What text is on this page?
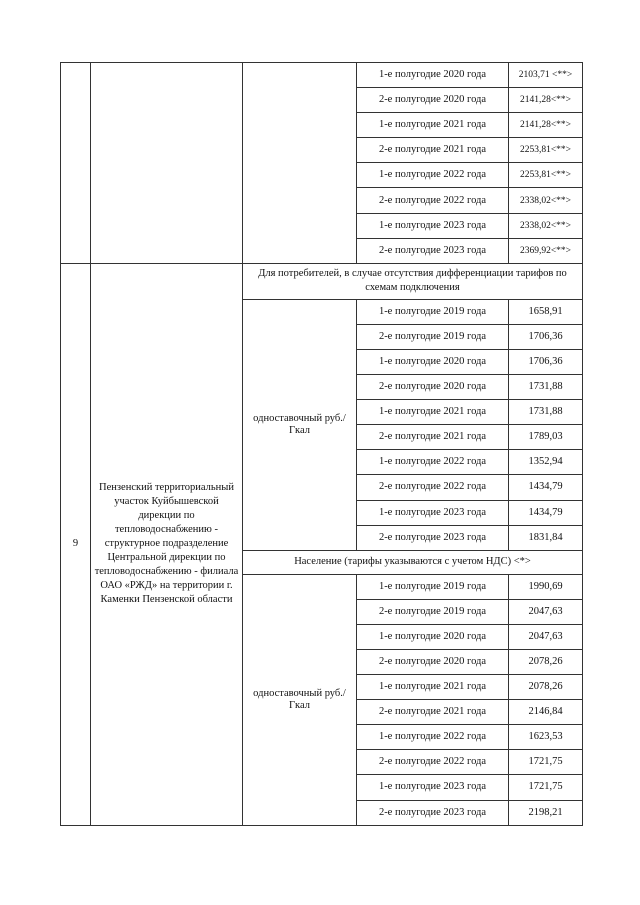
			1-е полугодие 2020 года	2103,71 <**>
			2-е полугодие 2020 года	2141,28<**>
			1-е полугодие 2021 года	2141,28<**>
			2-е полугодие 2021 года	2253,81<**>
			1-е полугодие 2022 года	2253,81<**>
			2-е полугодие 2022 года	2338,02<**>
			1-е полугодие 2023 года	2338,02<**>
			2-е полугодие 2023 года	2369,92<**>
9	Пензенский территориальный участок Куйбышевской дирекции по тепловодоснабжению - структурное подразделение Центральной дирекции по тепловодоснабжению - филиала ОАО «РЖД» на территории г. Каменки Пензенской области	Для потребителей, в случае отсутствия дифференциации тарифов по схемам подключения		
		одноставочный руб./Гкал	1-е полугодие 2019 года	1658,91
			2-е полугодие 2019 года	1706,36
			1-е полугодие 2020 года	1706,36
			2-е полугодие 2020 года	1731,88
			1-е полугодие 2021 года	1731,88
			2-е полугодие 2021 года	1789,03
			1-е полугодие 2022 года	1352,94
			2-е полугодие 2022 года	1434,79
			1-е полугодие 2023 года	1434,79
			2-е полугодие 2023 года	1831,84
		Население (тарифы указываются с учетом НДС) <*>		
		одноставочный руб./Гкал	1-е полугодие 2019 года	1990,69
			2-е полугодие 2019 года	2047,63
			1-е полугодие 2020 года	2047,63
			2-е полугодие 2020 года	2078,26
			1-е полугодие 2021 года	2078,26
			2-е полугодие 2021 года	2146,84
			1-е полугодие 2022 года	1623,53
			2-е полугодие 2022 года	1721,75
			1-е полугодие 2023 года	1721,75
			2-е полугодие 2023 года	2198,21
